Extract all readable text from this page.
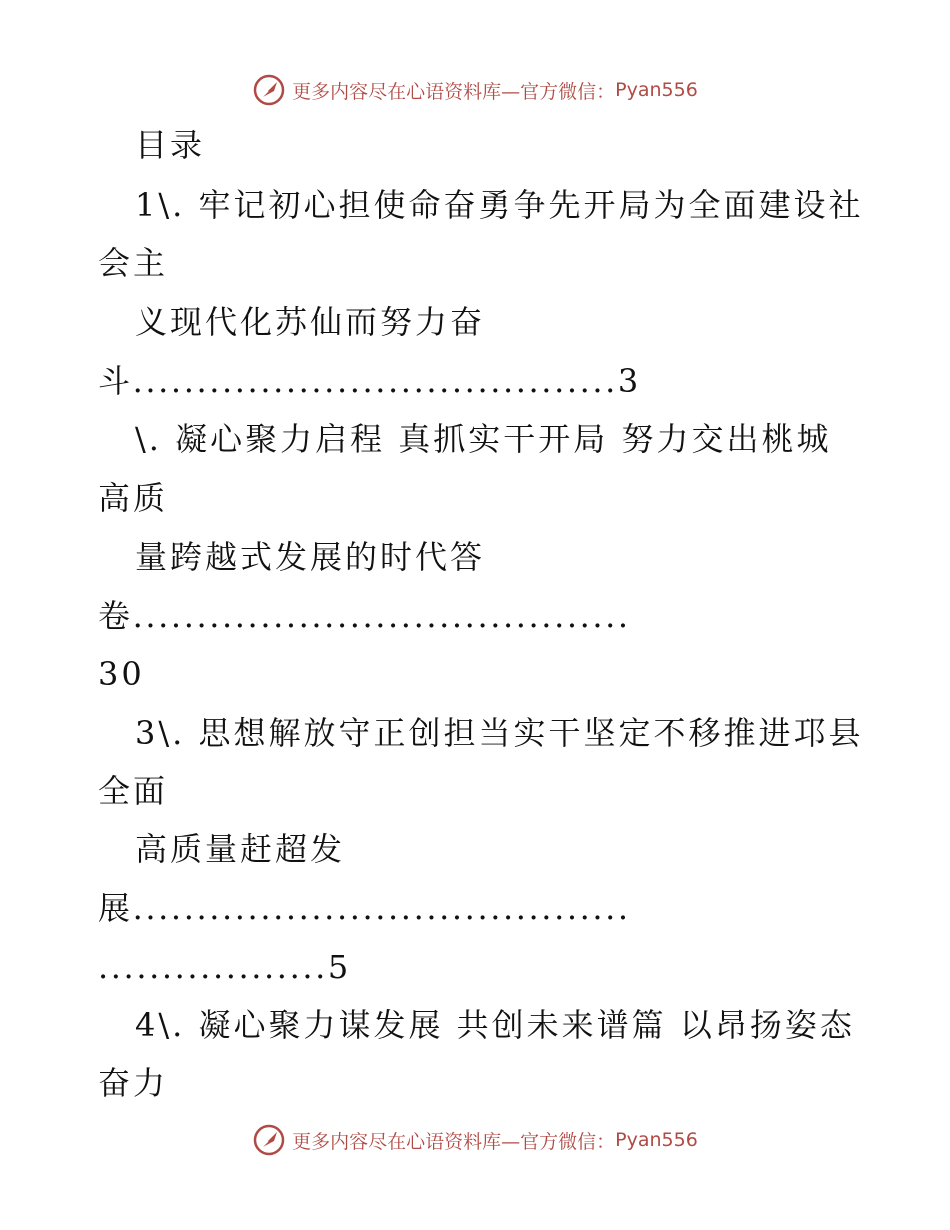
更多内容尽在心语资料库—官方微信： Pyan556
目录
1\. 牢记初心担使命奋勇争先开局为全面建设社
会主
义现代化苏仙而努力奋
斗......................................3
\. 凝心聚力启程 真抓实干开局 努力交出桃城
高质
量跨越式发展的时代答
卷.......................................
30
3\. 思想解放守正创担当实干坚定不移推进邛县
全面
高质量赶超发
展.......................................
..................5
4\. 凝心聚力谋发展 共创未来谱篇 以昂扬姿态
奋力
更多内容尽在心语资料库—官方微信： Pyan556
